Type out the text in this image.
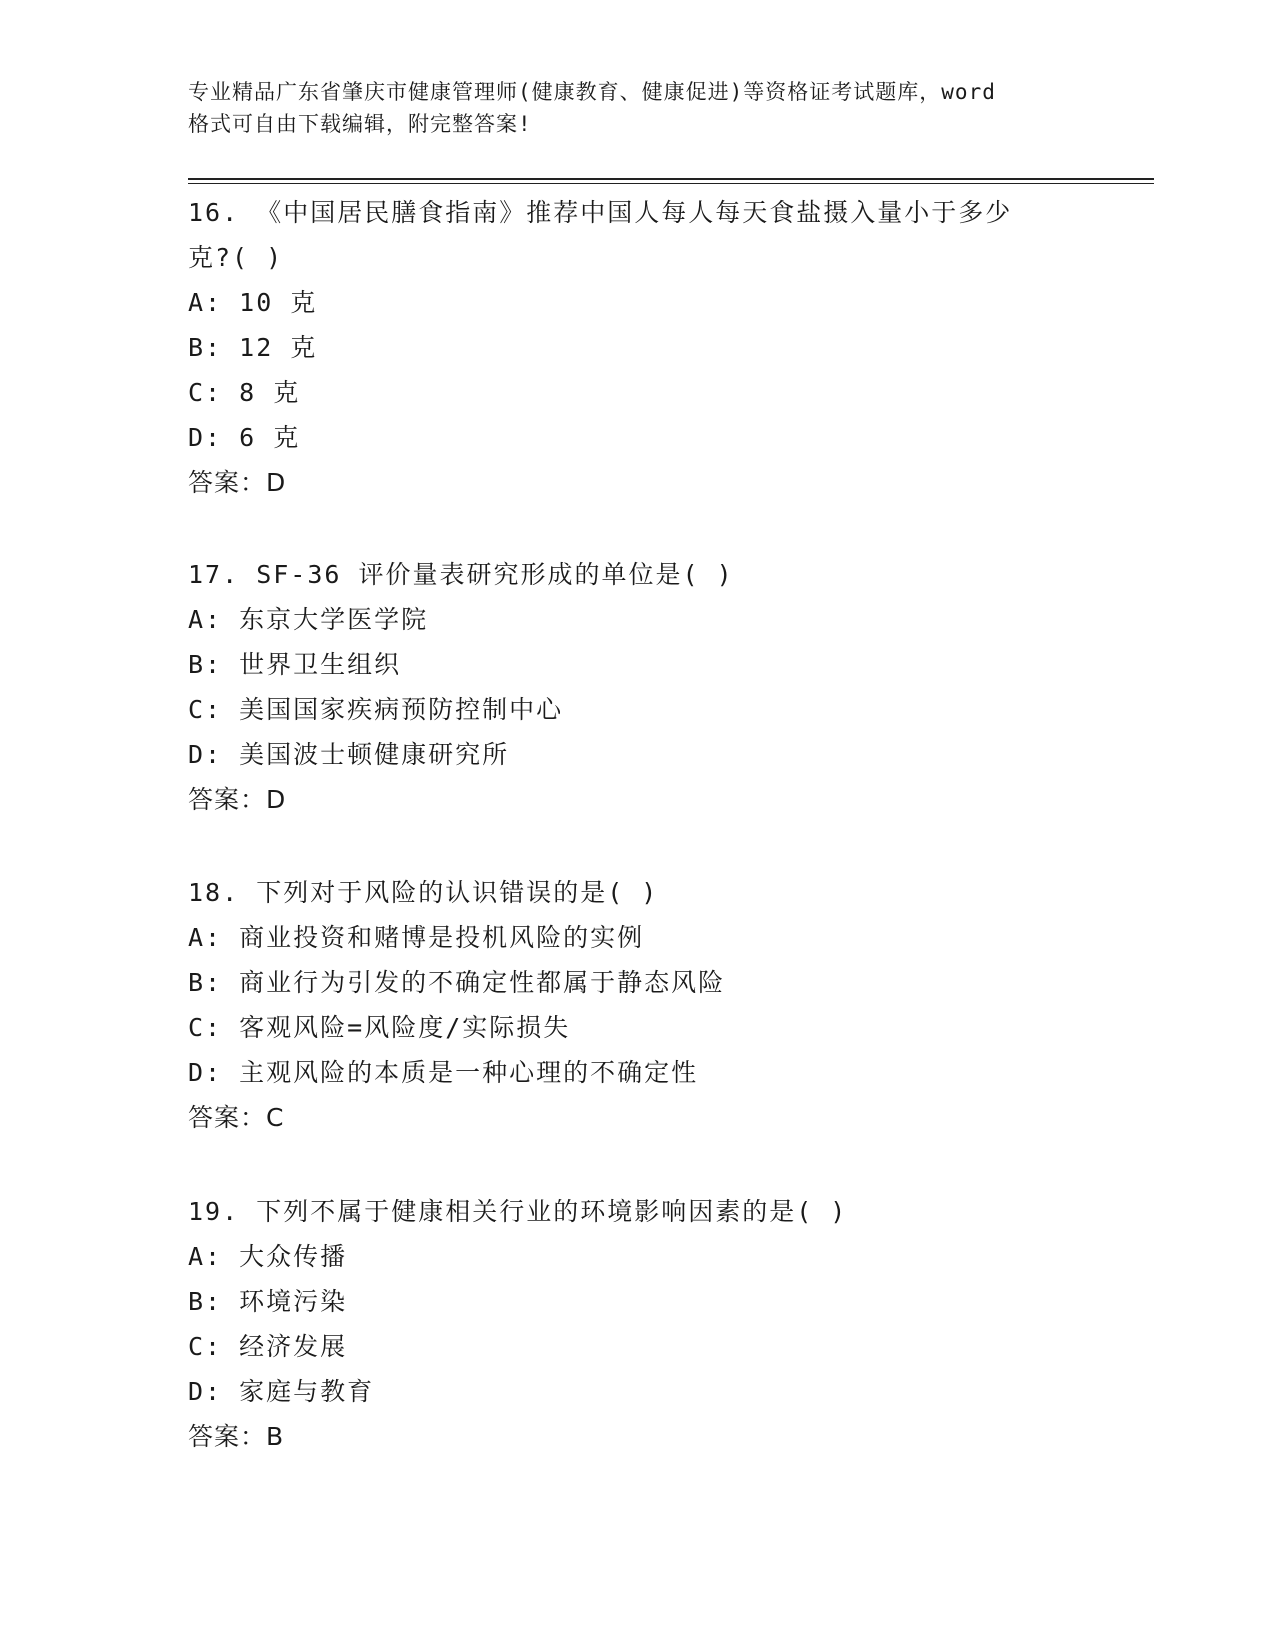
专业精品广东省肇庆市健康管理师(健康教育、健康促进)等资格证考试题库，word
格式可自由下载编辑，附完整答案!
16. 《中国居民膳食指南》推荐中国人每人每天食盐摄入量小于多少
克?( )
A: 10 克
B: 12 克
C: 8 克
D: 6 克
答案：D
17. SF-36 评价量表研究形成的单位是( )
A: 东京大学医学院
B: 世界卫生组织
C: 美国国家疾病预防控制中心
D: 美国波士顿健康研究所
答案：D
18. 下列对于风险的认识错误的是( )
A: 商业投资和赌博是投机风险的实例
B: 商业行为引发的不确定性都属于静态风险
C: 客观风险=风险度/实际损失
D: 主观风险的本质是一种心理的不确定性
答案：C
19. 下列不属于健康相关行业的环境影响因素的是( )
A: 大众传播
B: 环境污染
C: 经济发展
D: 家庭与教育
答案：B
